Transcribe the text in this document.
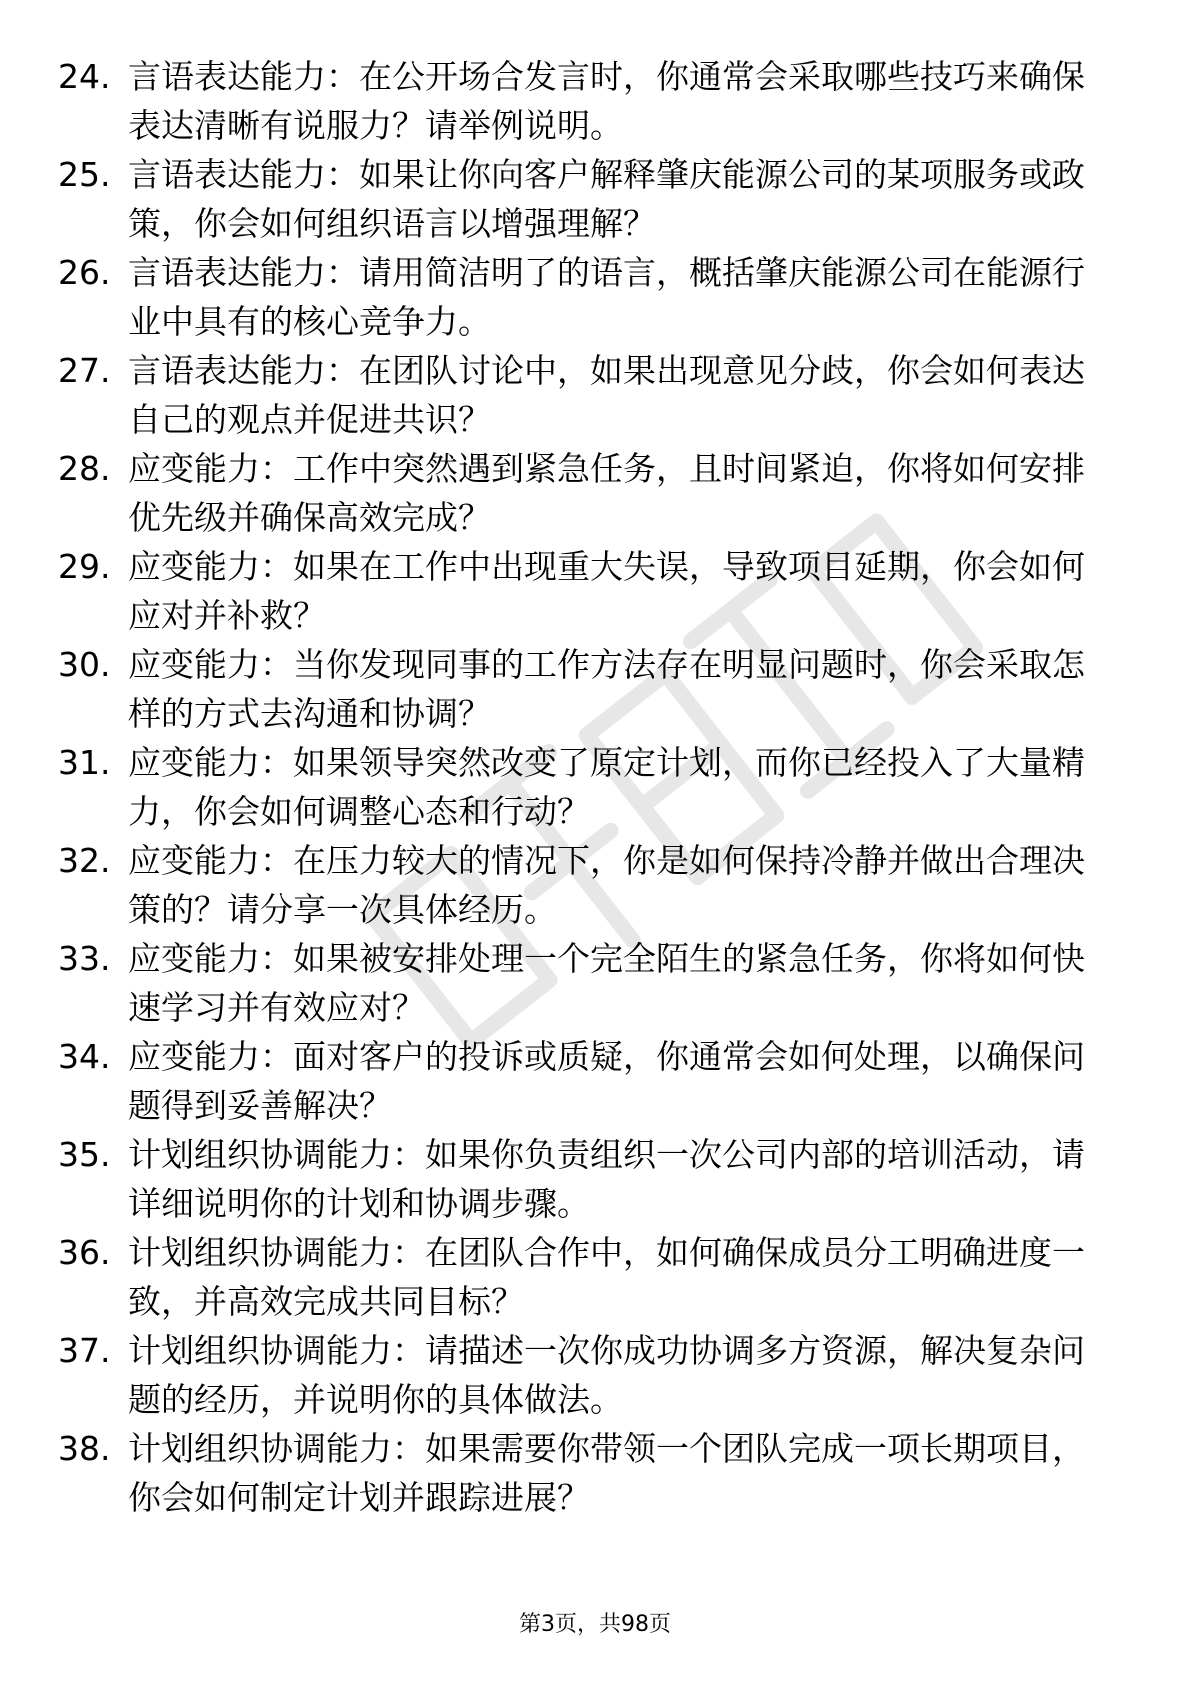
24. 言语表达能力：在公开场合发言时，你通常会采取哪些技巧来确保表达清晰有说服力？请举例说明。
25. 言语表达能力：如果让你向客户解释肇庆能源公司的某项服务或政策，你会如何组织语言以增强理解？
26. 言语表达能力：请用简洁明了的语言，概括肇庆能源公司在能源行业中具有的核心竞争力。
27. 言语表达能力：在团队讨论中，如果出现意见分歧，你会如何表达自己的观点并促进共识？
28. 应变能力：工作中突然遇到紧急任务，且时间紧迫，你将如何安排优先级并确保高效完成？
29. 应变能力：如果在工作中出现重大失误，导致项目延期，你会如何应对并补救？
30. 应变能力：当你发现同事的工作方法存在明显问题时，你会采取怎样的方式去沟通和协调？
31. 应变能力：如果领导突然改变了原定计划，而你已经投入了大量精力，你会如何调整心态和行动？
32. 应变能力：在压力较大的情况下，你是如何保持冷静并做出合理决策的？请分享一次具体经历。
33. 应变能力：如果被安排处理一个完全陌生的紧急任务，你将如何快速学习并有效应对？
34. 应变能力：面对客户的投诉或质疑，你通常会如何处理，以确保问题得到妥善解决？
35. 计划组织协调能力：如果你负责组织一次公司内部的培训活动，请详细说明你的计划和协调步骤。
36. 计划组织协调能力：在团队合作中，如何确保成员分工明确进度一致，并高效完成共同目标？
37. 计划组织协调能力：请描述一次你成功协调多方资源，解决复杂问题的经历，并说明你的具体做法。
38. 计划组织协调能力：如果需要你带领一个团队完成一项长期项目，你会如何制定计划并跟踪进展？
第3页，共98页
